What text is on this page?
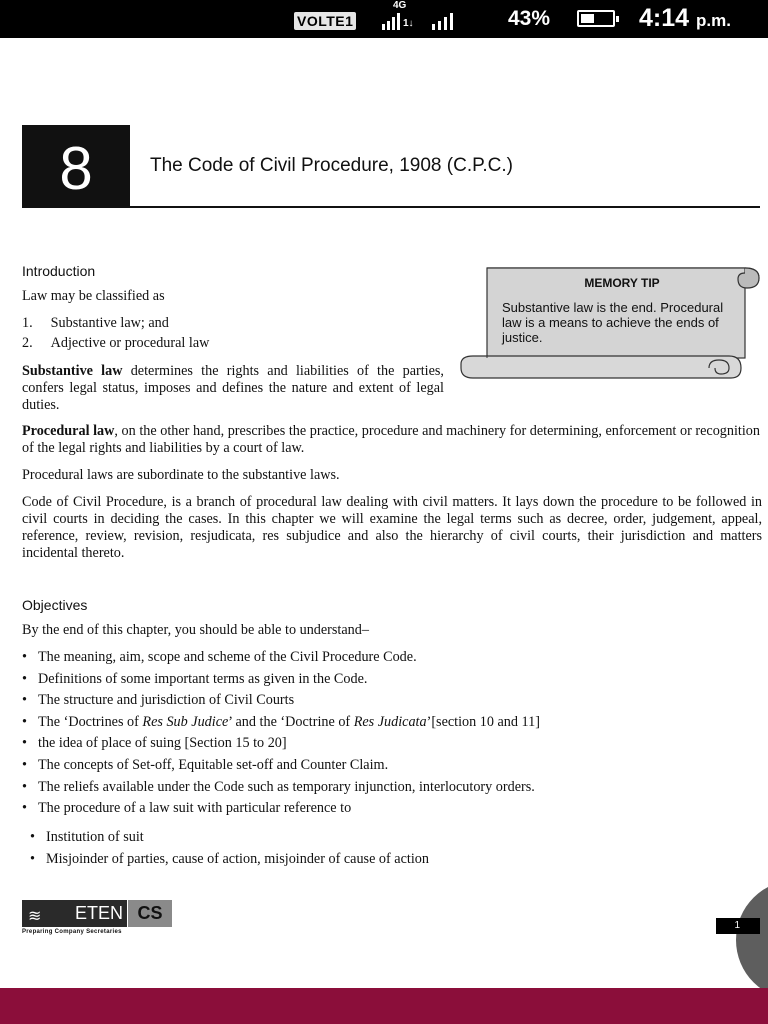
VOLTE1	1↓
4G
43%	4:14 p.m.
8	The Code of Civil Procedure, 1908 (C.P.C.)
Introduction
Law may be classified as
1. Substantive law; and
2. Adjective or procedural law
Substantive law determines the rights and liabilities of the parties, confers legal status, imposes and defines the nature and extent of legal duties.
Procedural law, on the other hand, prescribes the practice, procedure and machinery for determining, enforcement or recognition of the legal rights and liabilities by a court of law.
Procedural laws are subordinate to the substantive laws.
Code of Civil Procedure, is a branch of procedural law dealing with civil matters. It lays down the procedure to be followed in civil courts in deciding the cases. In this chapter we will examine the legal terms such as decree, order, judgement, appeal, reference, review, revision, resjudicata, res subjudice and also the hierarchy of civil courts, their jurisdiction and matters incidental thereto.
MEMORY TIP
Substantive law is the end. Procedural law is a means to achieve the ends of justice.
Objectives
By the end of this chapter, you should be able to understand–
• The meaning, aim, scope and scheme of the Civil Procedure Code.
• Definitions of some important terms as given in the Code.
• The structure and jurisdiction of Civil Courts
• The ‘Doctrines of Res Sub Judice’ and the ‘Doctrine of Res Judicata’[section 10 and 11]
• the idea of place of suing [Section 15 to 20]
• The concepts of Set-off, Equitable set-off and Counter Claim.
• The reliefs available under the Code such as temporary injunction, interlocutory orders.
• The procedure of a law suit with particular reference to
• Institution of suit
• Misjoinder of parties, cause of action, misjoinder of cause of action
≋ ETEN CS
Preparing Company Secretaries
1
